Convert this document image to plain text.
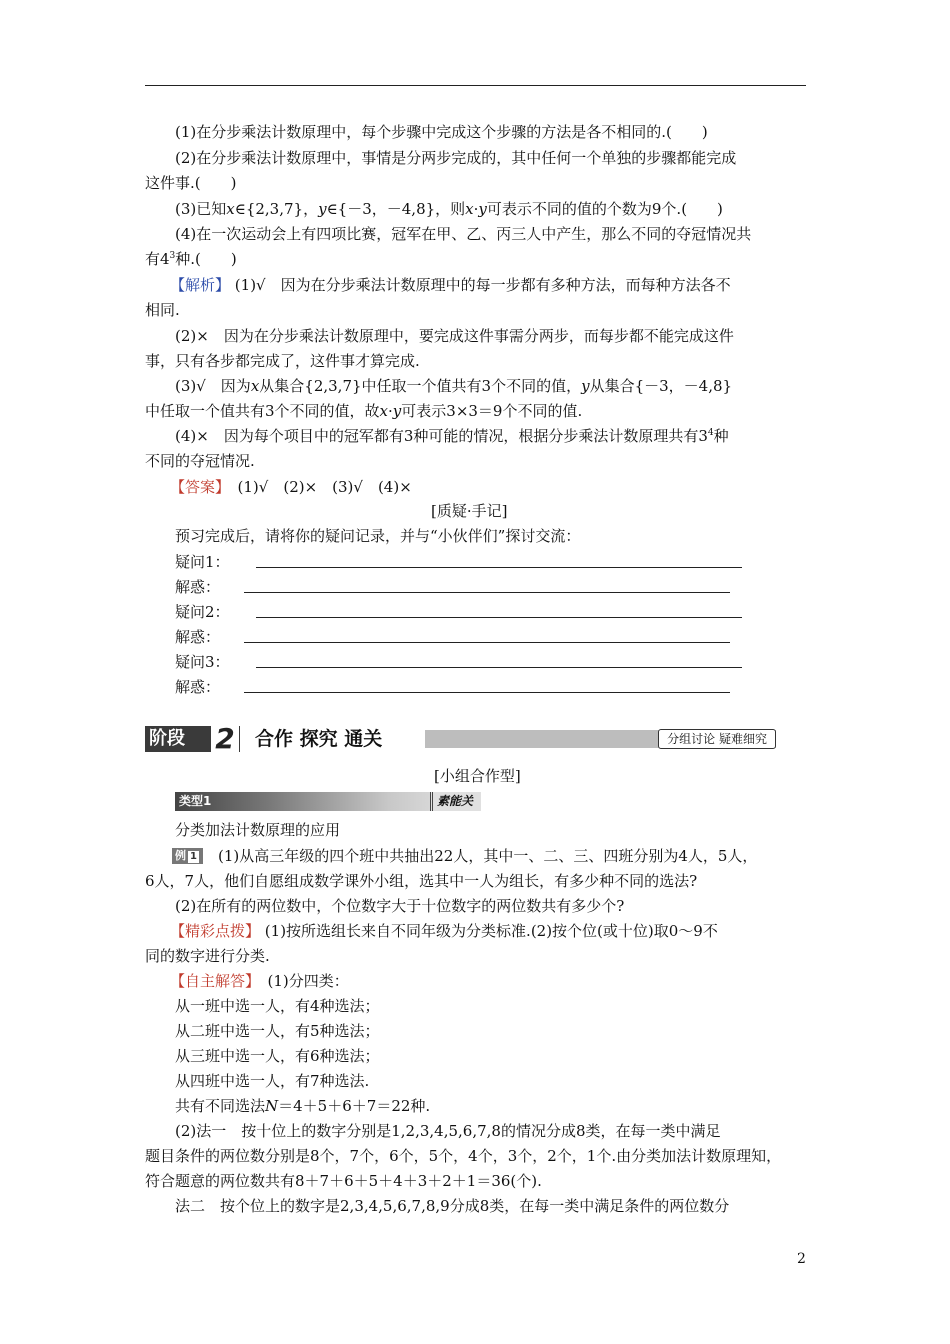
(1)在分步乘法计数原理中，每个步骤中完成这个步骤的方法是各不相同的.(　　)
(2)在分步乘法计数原理中，事情是分两步完成的，其中任何一个单独的步骤都能完成
这件事.(　　)
(3)已知x∈{2,3,7}，y∈{－3，－4,8}，则x·y可表示不同的值的个数为9个.(　　)
(4)在一次运动会上有四项比赛，冠军在甲、乙、丙三人中产生，那么不同的夺冠情况共
有$4^3$种.(　　)
【解析】 (1)√　因为在分步乘法计数原理中的每一步都有多种方法，而每种方法各不
相同.
(2)×　因为在分步乘法计数原理中，要完成这件事需分两步，而每步都不能完成这件
事，只有各步都完成了，这件事才算完成.
(3)√　因为x从集合{2,3,7}中任取一个值共有3个不同的值，y从集合{－3，－4,8}
中任取一个值共有3个不同的值，故x·y可表示3×3＝9个不同的值.
(4)×　因为每个项目中的冠军都有3种可能的情况，根据分步乘法计数原理共有$3^4$种
不同的夺冠情况.
【答案】　 (1)√　(2)×　(3)√　(4)×
[质疑·手记]
预习完成后，请将你的疑问记录，并与“小伙伴们”探讨交流：
疑问1：
解惑：
疑问2：
解惑：
疑问3：
解惑：
阶段	2 合作 探究 通关	分组讨论 疑难细究
[小组合作型]
类型1	素能关
分类加法计数原理的应用
例 1　 (1)从高三年级的四个班中共抽出22人，其中一、二、三、四班分别为4人，5人，
6人，7人，他们自愿组成数学课外小组，选其中一人为组长，有多少种不同的选法?
(2)在所有的两位数中，个位数字大于十位数字的两位数共有多少个?
【精彩点拨】 (1)按所选组长来自不同年级为分类标准.(2)按个位(或十位)取0～9不
同的数字进行分类.
【自主解答】　 (1)分四类：
从一班中选一人，有4种选法；
从二班中选一人，有5种选法；
从三班中选一人，有6种选法；
从四班中选一人，有7种选法.
共有不同选法N＝4＋5＋6＋7＝22种.
(2)法一　按十位上的数字分别是1,2,3,4,5,6,7,8的情况分成8类，在每一类中满足
题目条件的两位数分别是8个，7个，6个，5个，4个，3个，2个，1个.由分类加法计数原理知，
符合题意的两位数共有8＋7＋6＋5＋4＋3＋2＋1＝36(个).
法二　按个位上的数字是2,3,4,5,6,7,8,9分成8类，在每一类中满足条件的两位数分
2
